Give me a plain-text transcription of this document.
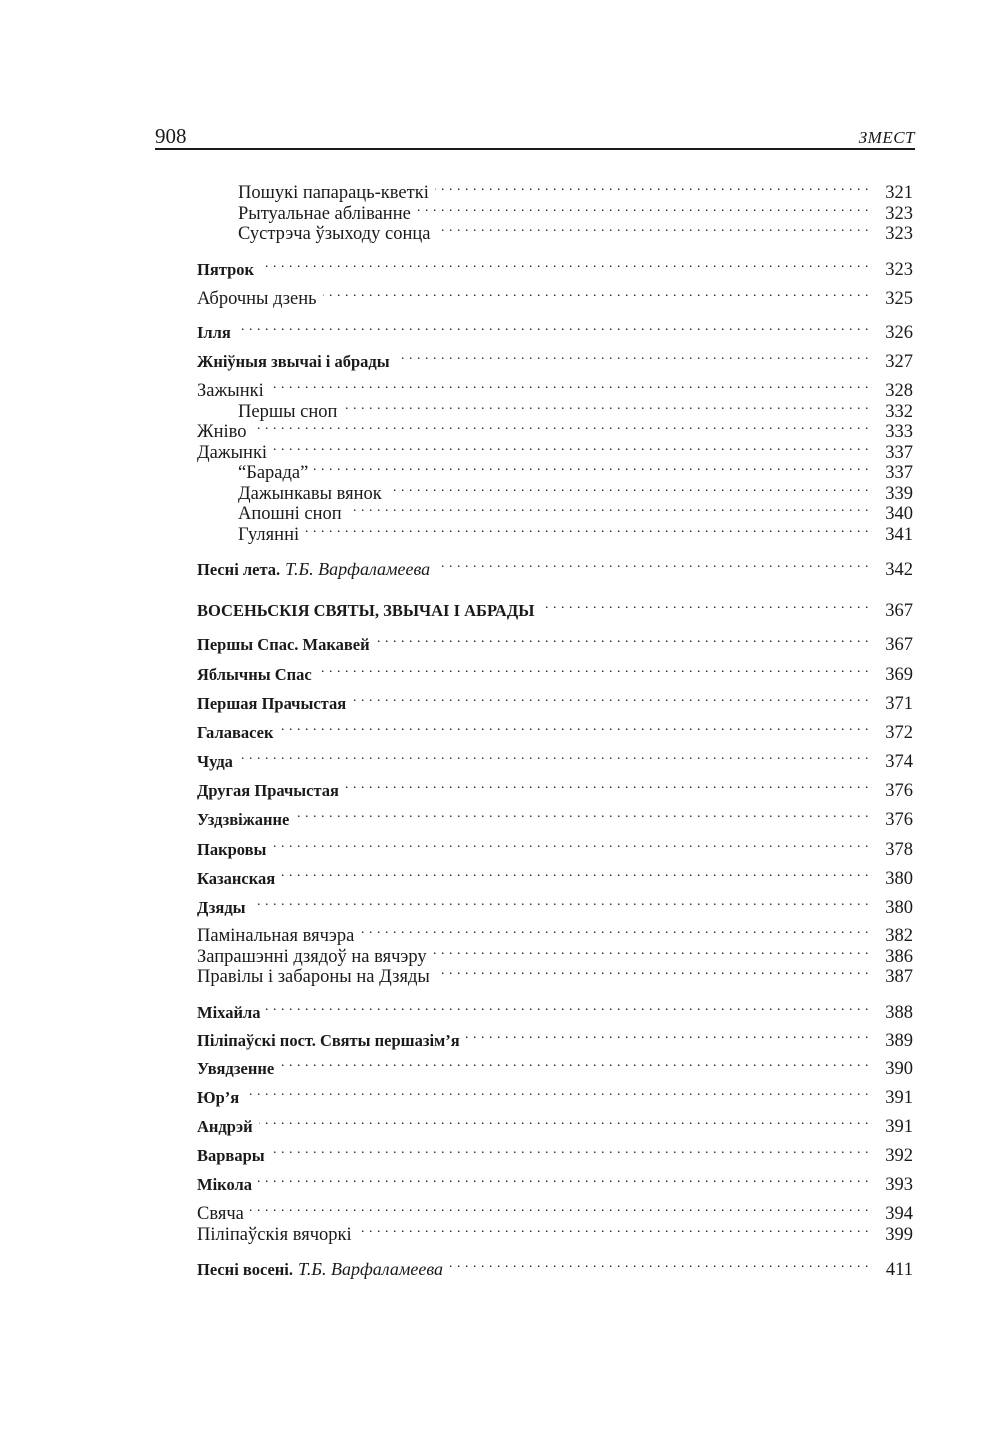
908	ЗМЕСТ
Пошукі папараць-кветкі . . .	321
Рытуальнае абліванне . . .	323
Сустрэча ўзыходу сонца . . .	323
Пятрок . . .	323
Аброчны дзень . . .	325
Ілля . . .	326
Жніўныя звычаі і абрады . . .	327
Зажынкі . . .	328
Першы сноп . . .	332
Жніво . . .	333
Дажынкі . . .	337
“Барада” . . .	337
Дажынкавы вянок . . .	339
Апошні сноп . . .	340
Гулянні . . .	341
Песні лета. Т.Б. Варфаламеева . . .	342
ВОСЕНЬСКІЯ СВЯТЫ, ЗВЫЧАІ І АБРАДЫ . . .	367
Першы Спас. Макавей . . .	367
Яблычны Спас . . .	369
Першая Прачыстая . . .	371
Галавасек . . .	372
Чуда . . .	374
Другая Прачыстая . . .	376
Уздзвіжанне . . .	376
Пакровы . . .	378
Казанская . . .	380
Дзяды . . .	380
Памінальная вячэра . . .	382
Запрашэнні дзядоў на вячэру . . .	386
Правілы і забароны на Дзяды . . .	387
Міхайла . . .	388
Пілiпаўскі пост. Святы першазім’я . . .	389
Увядзенне . . .	390
Юр’я . . .	391
Андрэй . . .	391
Варвары . . .	392
Мікола . . .	393
Свяча . . .	394
Піліпаўскія вячоркі . . .	399
Песні восені. Т.Б. Варфаламеева . . .	411
